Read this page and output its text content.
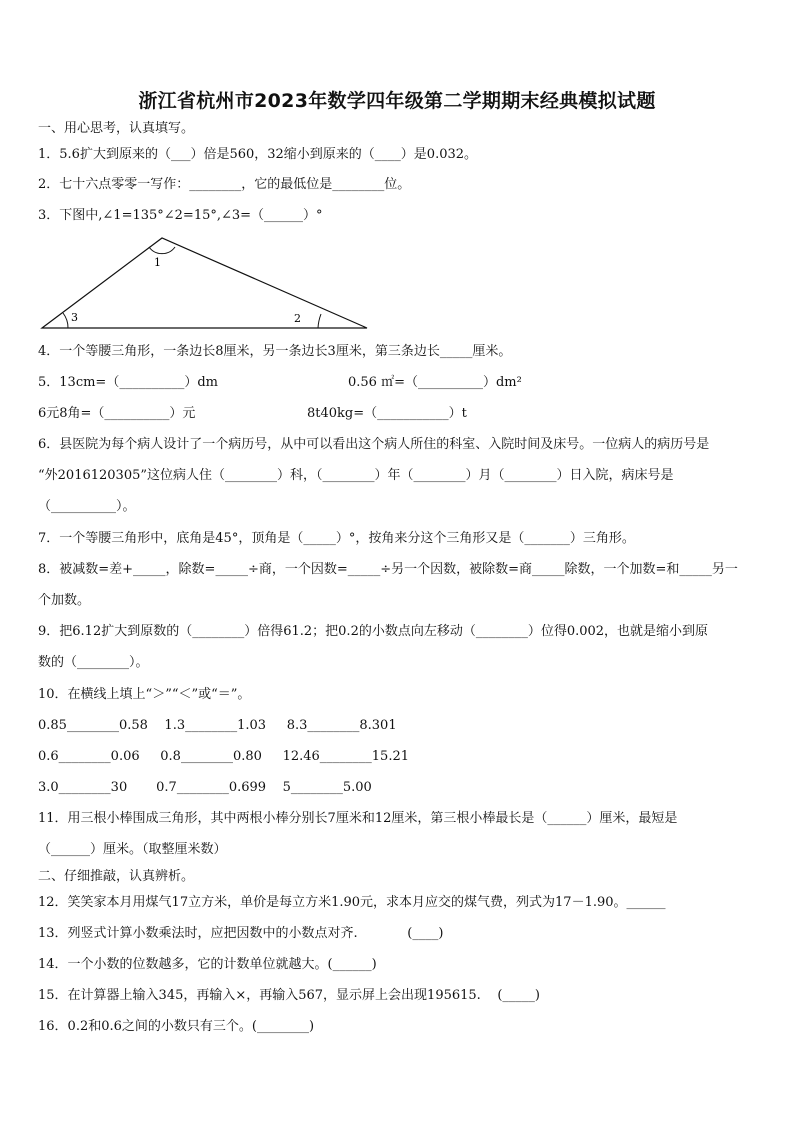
浙江省杭州市2023年数学四年级第二学期期末经典模拟试题
一、用心思考，认真填写。
1．5.6扩大到原来的（___）倍是560，32缩小到原来的（____）是0.032。
2．七十六点零零一写作：________，它的最低位是________位。
3．下图中,∠1=135°∠2=15°,∠3=（______）°
1
2
3
4．一个等腰三角形，一条边长8厘米，另一条边长3厘米，第三条边长_____厘米。
5．13cm=（__________）dm	0.56 ㎡=（__________）dm²
6元8角=（__________）元	8t40kg=（___________）t
6．县医院为每个病人设计了一个病历号，从中可以看出这个病人所住的科室、入院时间及床号。一位病人的病历号是
“外2016120305”这位病人住（________）科，（________）年（________）月（________）日入院，病床号是
（__________）。
7．一个等腰三角形中，底角是45°，顶角是（_____）°，按角来分这个三角形又是（_______）三角形。
8．被减数=差+_____，除数=_____÷商，一个因数=_____÷另一个因数，被除数=商_____除数，一个加数=和_____另一
个加数。
9．把6.12扩大到原数的（________）倍得61.2；把0.2的小数点向左移动（________）位得0.002，也就是缩小到原
数的（________）。
10．在横线上填上“＞”“＜”或“＝”。
0.85________0.58    1.3________1.03     8.3________8.301
0.6________0.06     0.8________0.80     12.46________15.21
3.0________30       0.7________0.699    5________5.00
11．用三根小棒围成三角形，其中两根小棒分别长7厘米和12厘米，第三根小棒最长是（______）厘米，最短是
（______）厘米。（取整厘米数）
二、仔细推敲，认真辨析。
12．笑笑家本月用煤气17立方米，单价是每立方米1.90元，求本月应交的煤气费，列式为17－1.90。______
13．列竖式计算小数乘法时，应把因数中的小数点对齐.            (____)
14．一个小数的位数越多，它的计数单位就越大。(______)
15．在计算器上输入345，再输入×，再输入567，显示屏上会出现195615.    (_____)
16．0.2和0.6之间的小数只有三个。(________)
